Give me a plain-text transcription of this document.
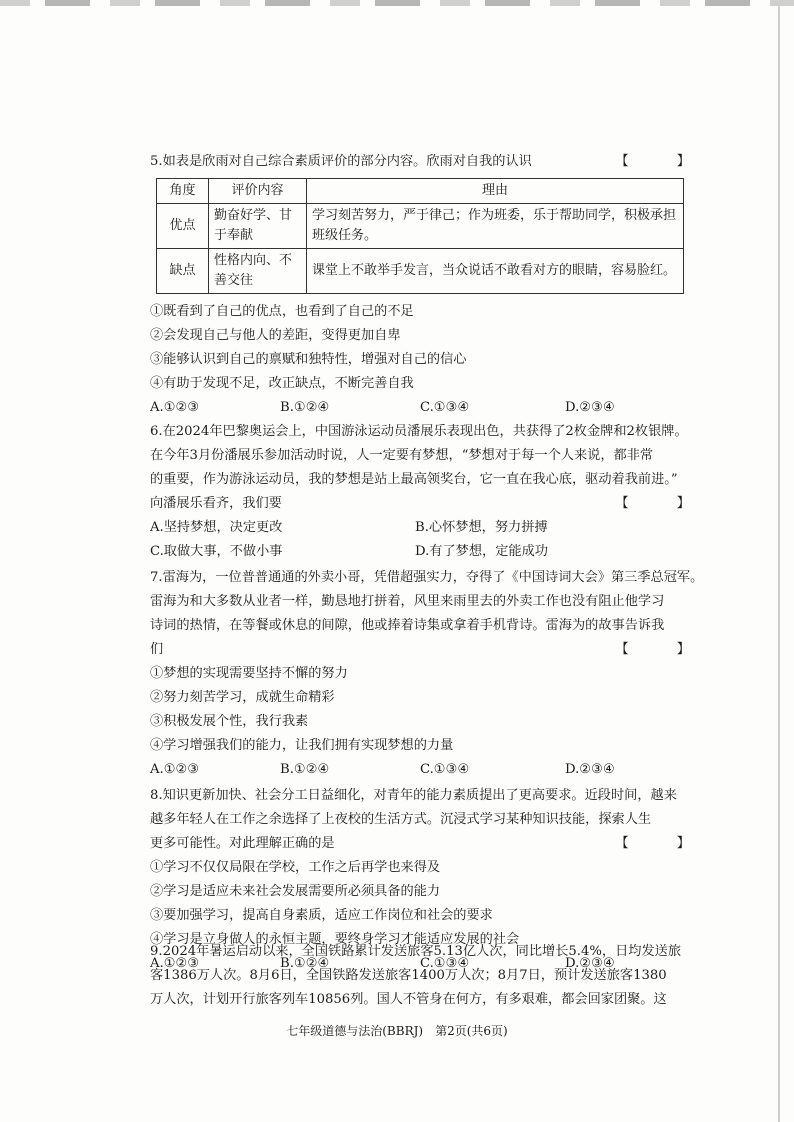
5.如表是欣雨对自己综合素质评价的部分内容。欣雨对自我的认识	【 】
角度	评价内容	理由
优点	勤奋好学、甘于奉献	学习刻苦努力，严于律己；作为班委，乐于帮助同学，积极承担班级任务。
缺点	性格内向、不善交往	课堂上不敢举手发言，当众说话不敢看对方的眼睛，容易脸红。
①既看到了自己的优点，也看到了自己的不足
②会发现自己与他人的差距，变得更加自卑
③能够认识到自己的禀赋和独特性，增强对自己的信心
④有助于发现不足，改正缺点，不断完善自我
A.①②③	B.①②④	C.①③④	D.②③④
6.在2024年巴黎奥运会上，中国游泳运动员潘展乐表现出色，共获得了2枚金牌和2枚银牌。
在今年3月份潘展乐参加活动时说，人一定要有梦想，“梦想对于每一个人来说，都非常
的重要，作为游泳运动员，我的梦想是站上最高领奖台，它一直在我心底，驱动着我前进。”
向潘展乐看齐，我们要	【 】
A.坚持梦想，决定更改	B.心怀梦想，努力拼搏
C.取做大事，不做小事	D.有了梦想，定能成功
7.雷海为，一位普普通通的外卖小哥，凭借超强实力，夺得了《中国诗词大会》第三季总冠军。
雷海为和大多数从业者一样，勤恳地打拼着，风里来雨里去的外卖工作也没有阻止他学习
诗词的热情，在等餐或休息的间隙，他或捧着诗集或拿着手机背诗。雷海为的故事告诉我
们	【 】
①梦想的实现需要坚持不懈的努力
②努力刻苦学习，成就生命精彩
③积极发展个性，我行我素
④学习增强我们的能力，让我们拥有实现梦想的力量
A.①②③	B.①②④	C.①③④	D.②③④
8.知识更新加快、社会分工日益细化，对青年的能力素质提出了更高要求。近段时间，越来
越多年轻人在工作之余选择了上夜校的生活方式。沉浸式学习某种知识技能，探索人生
更多可能性。对此理解正确的是	【 】
①学习不仅仅局限在学校，工作之后再学也来得及
②学习是适应未来社会发展需要所必须具备的能力
③要加强学习，提高自身素质，适应工作岗位和社会的要求
④学习是立身做人的永恒主题，要终身学习才能适应发展的社会
A.①②③	B.①②④	C.①③④	D.②③④
9.2024年暑运启动以来，全国铁路累计发送旅客5.13亿人次，同比增长5.4%，日均发送旅
客1386万人次。8月6日，全国铁路发送旅客1400万人次；8月7日，预计发送旅客1380
万人次，计划开行旅客列车10856列。国人不管身在何方，有多艰难，都会回家团聚。这
七年级道德与法治(BBRJ)　第2页(共6页)
